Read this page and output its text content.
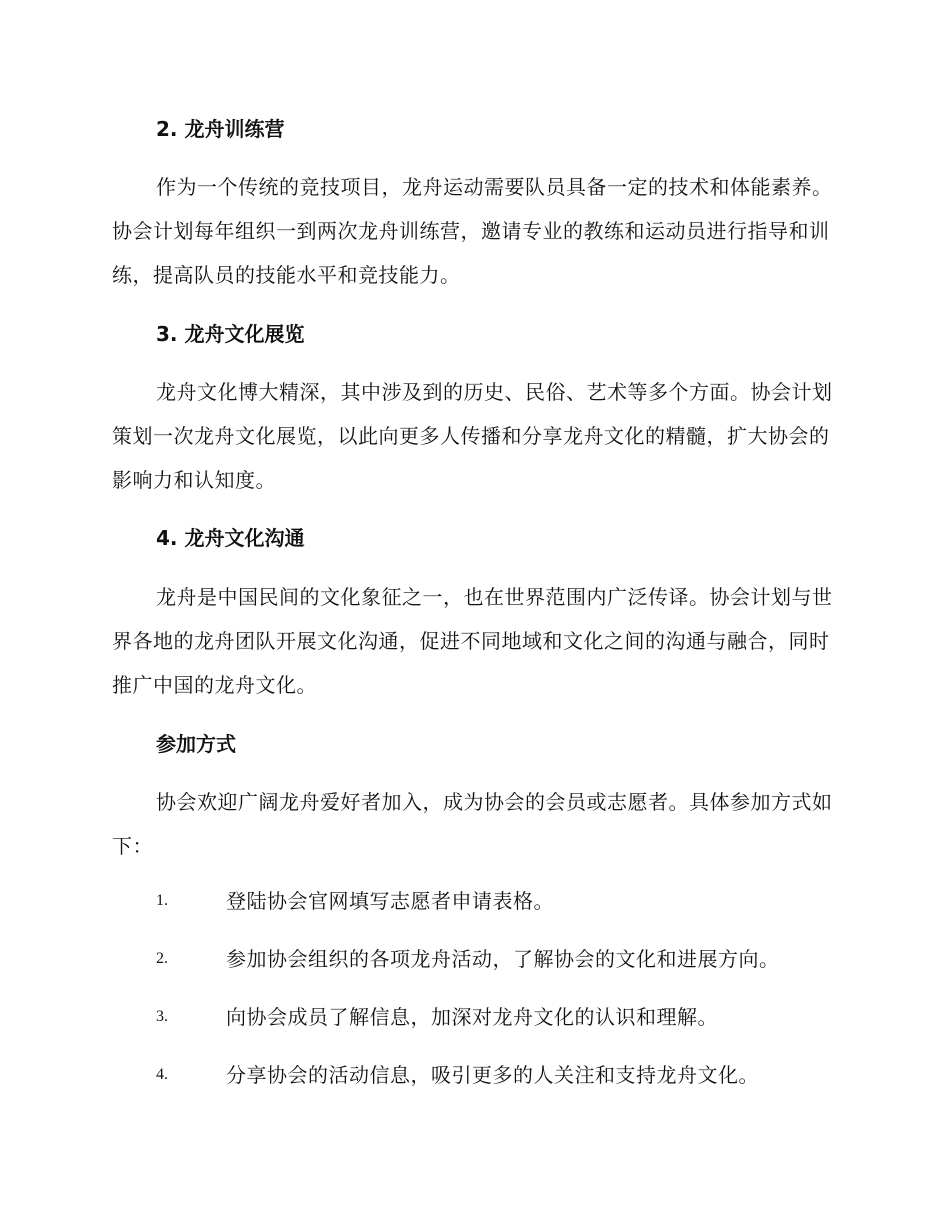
2. 龙舟训练营

作为一个传统的竞技项目，龙舟运动需要队员具备一定的技术和体能素养。协会计划每年组织一到两次龙舟训练营，邀请专业的教练和运动员进行指导和训练，提高队员的技能水平和竞技能力。

3. 龙舟文化展览

龙舟文化博大精深，其中涉及到的历史、民俗、艺术等多个方面。协会计划策划一次龙舟文化展览，以此向更多人传播和分享龙舟文化的精髓，扩大协会的影响力和认知度。

4. 龙舟文化沟通

龙舟是中国民间的文化象征之一，也在世界范围内广泛传译。协会计划与世界各地的龙舟团队开展文化沟通，促进不同地域和文化之间的沟通与融合，同时推广中国的龙舟文化。

参加方式

协会欢迎广阔龙舟爱好者加入，成为协会的会员或志愿者。具体参加方式如下：

1.	登陆协会官网填写志愿者申请表格。
2.	参加协会组织的各项龙舟活动，了解协会的文化和进展方向。
3.	向协会成员了解信息，加深对龙舟文化的认识和理解。
4.	分享协会的活动信息，吸引更多的人关注和支持龙舟文化。
